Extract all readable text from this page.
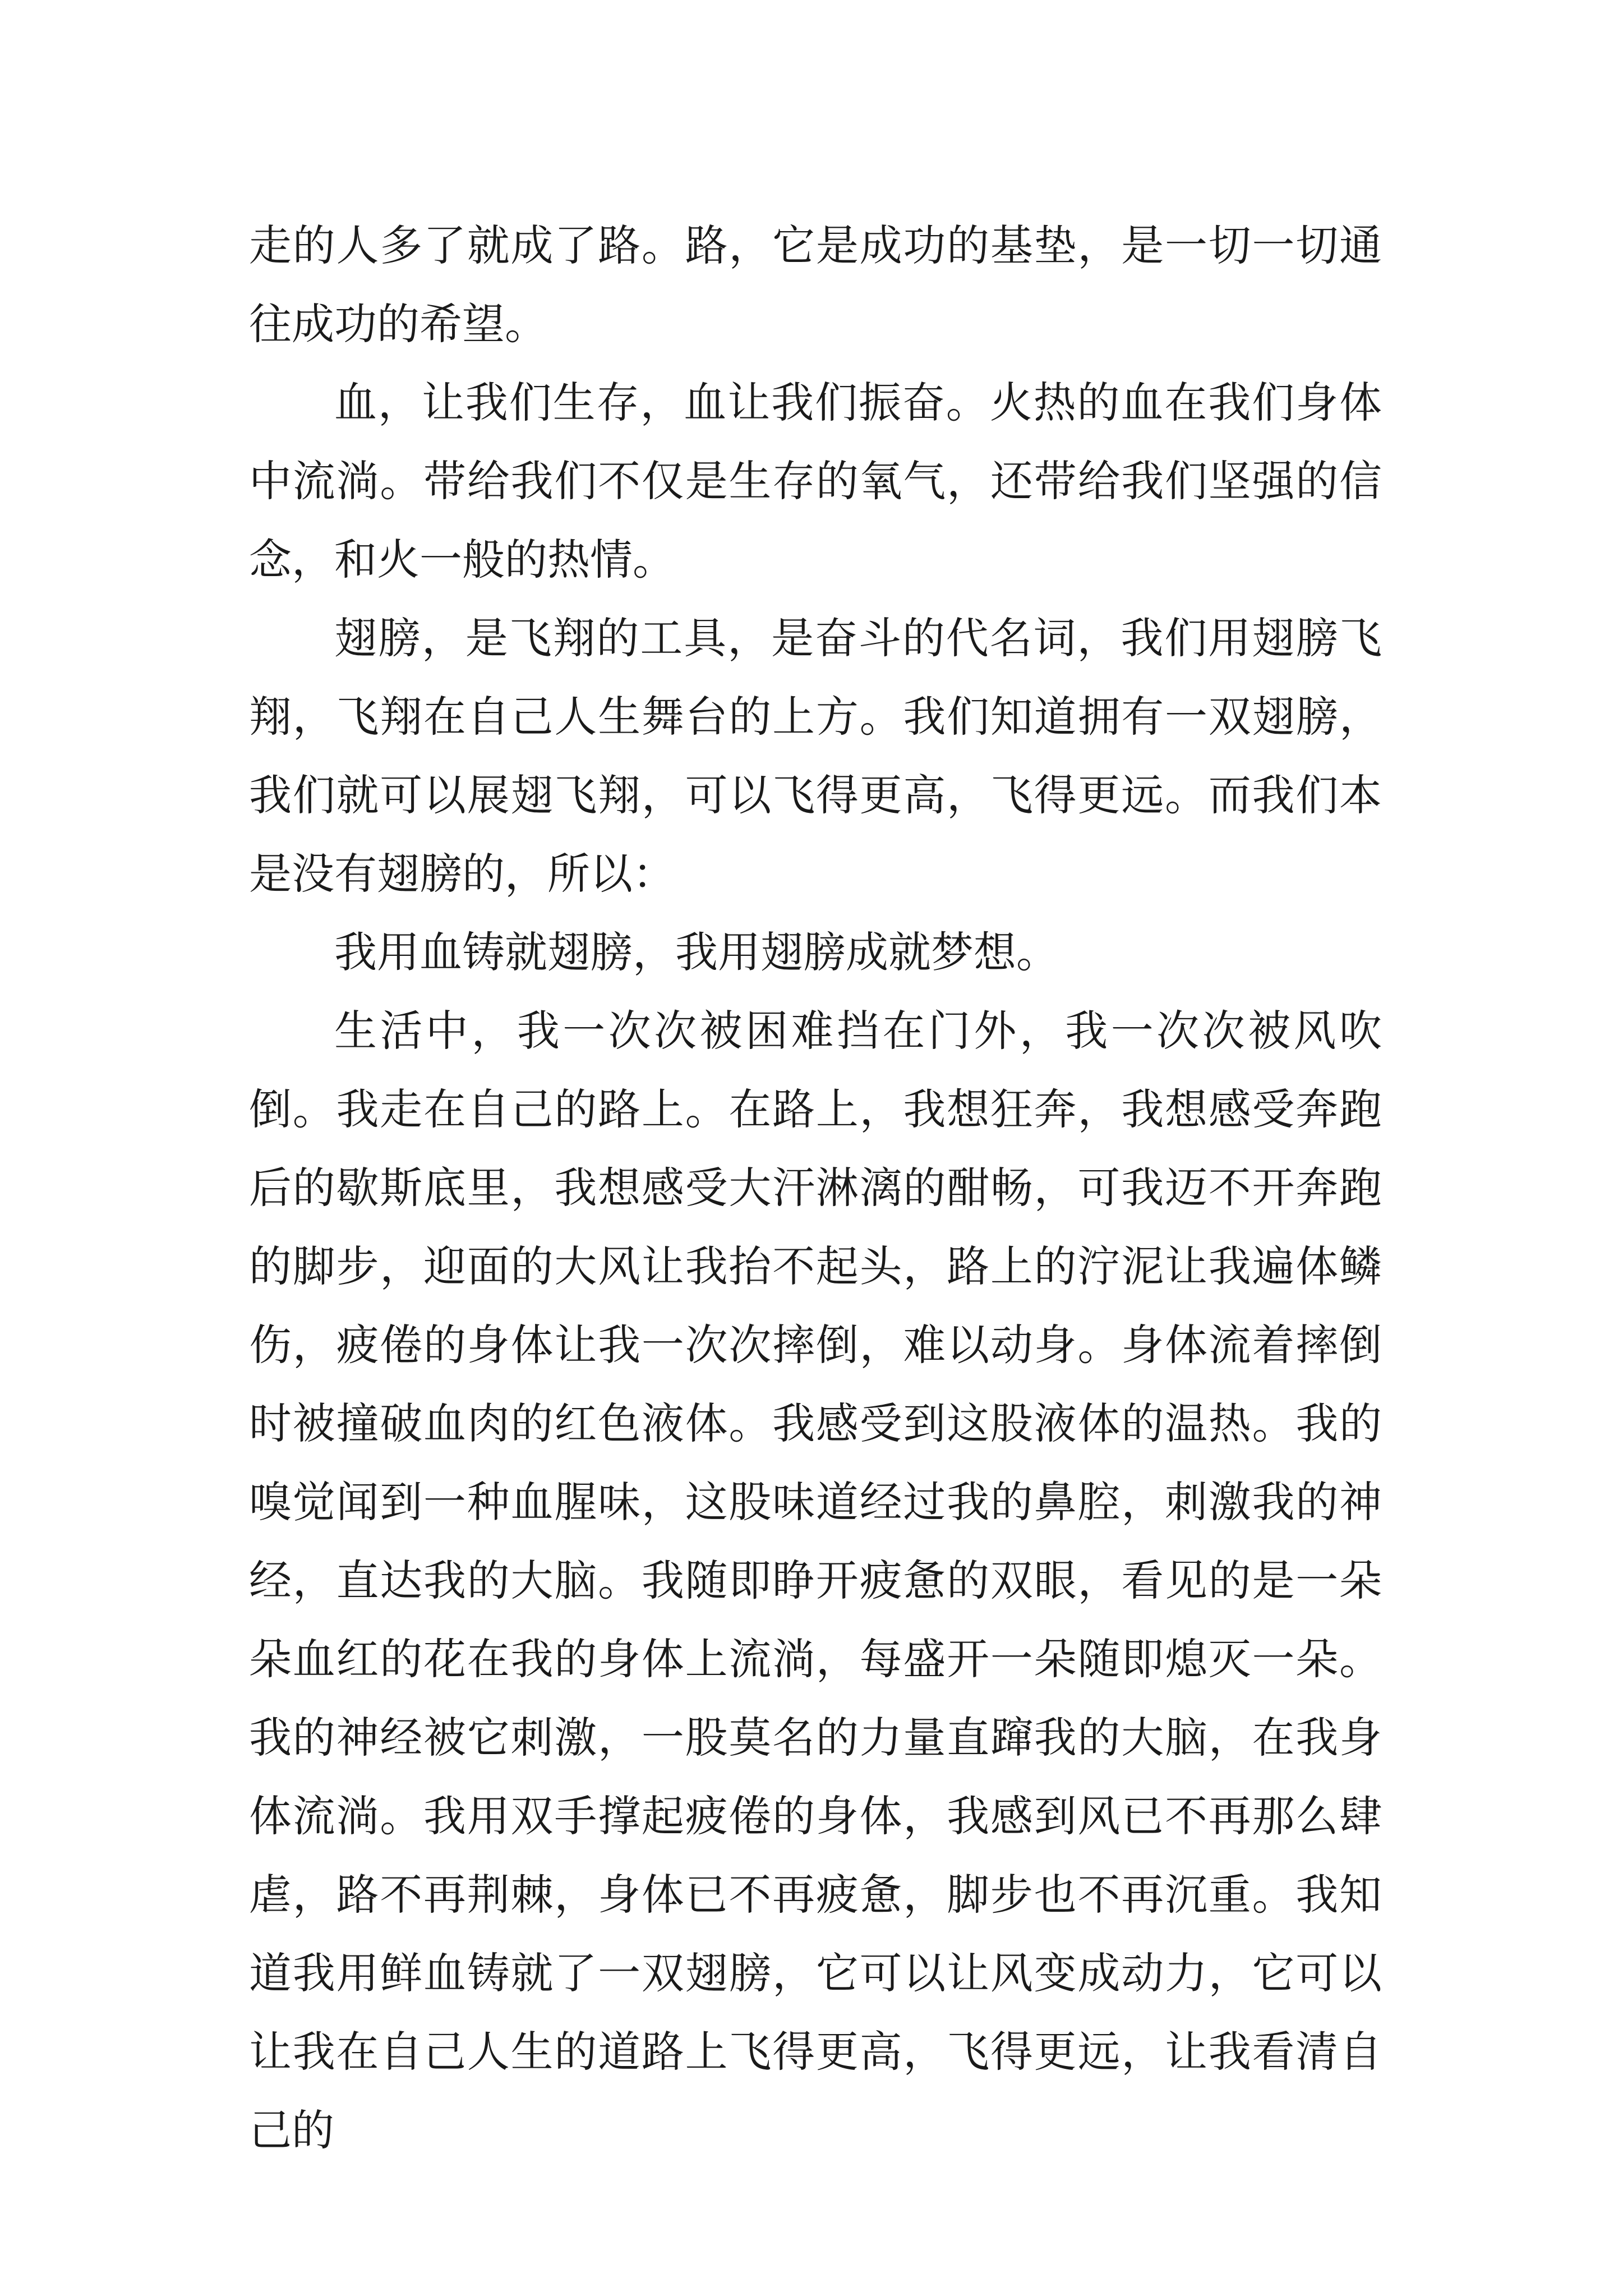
走的人多了就成了路。路，它是成功的基垫，是一切一切通往成功的希望。

血，让我们生存，血让我们振奋。火热的血在我们身体中流淌。带给我们不仅是生存的氧气，还带给我们坚强的信念，和火一般的热情。

翅膀，是飞翔的工具，是奋斗的代名词，我们用翅膀飞翔，飞翔在自己人生舞台的上方。我们知道拥有一双翅膀，我们就可以展翅飞翔，可以飞得更高，飞得更远。而我们本是没有翅膀的，所以：

我用血铸就翅膀，我用翅膀成就梦想。

生活中，我一次次被困难挡在门外，我一次次被风吹倒。我走在自己的路上。在路上，我想狂奔，我想感受奔跑后的歇斯底里，我想感受大汗淋漓的酣畅，可我迈不开奔跑的脚步，迎面的大风让我抬不起头，路上的泞泥让我遍体鳞伤，疲倦的身体让我一次次摔倒，难以动身。身体流着摔倒时被撞破血肉的红色液体。我感受到这股液体的温热。我的嗅觉闻到一种血腥味，这股味道经过我的鼻腔，刺激我的神经，直达我的大脑。我随即睁开疲惫的双眼，看见的是一朵朵血红的花在我的身体上流淌，每盛开一朵随即熄灭一朵。我的神经被它刺激，一股莫名的力量直蹿我的大脑，在我身体流淌。我用双手撑起疲倦的身体，我感到风已不再那么肆虐，路不再荆棘，身体已不再疲惫，脚步也不再沉重。我知道我用鲜血铸就了一双翅膀，它可以让风变成动力，它可以让我在自己人生的道路上飞得更高，飞得更远，让我看清自己的
